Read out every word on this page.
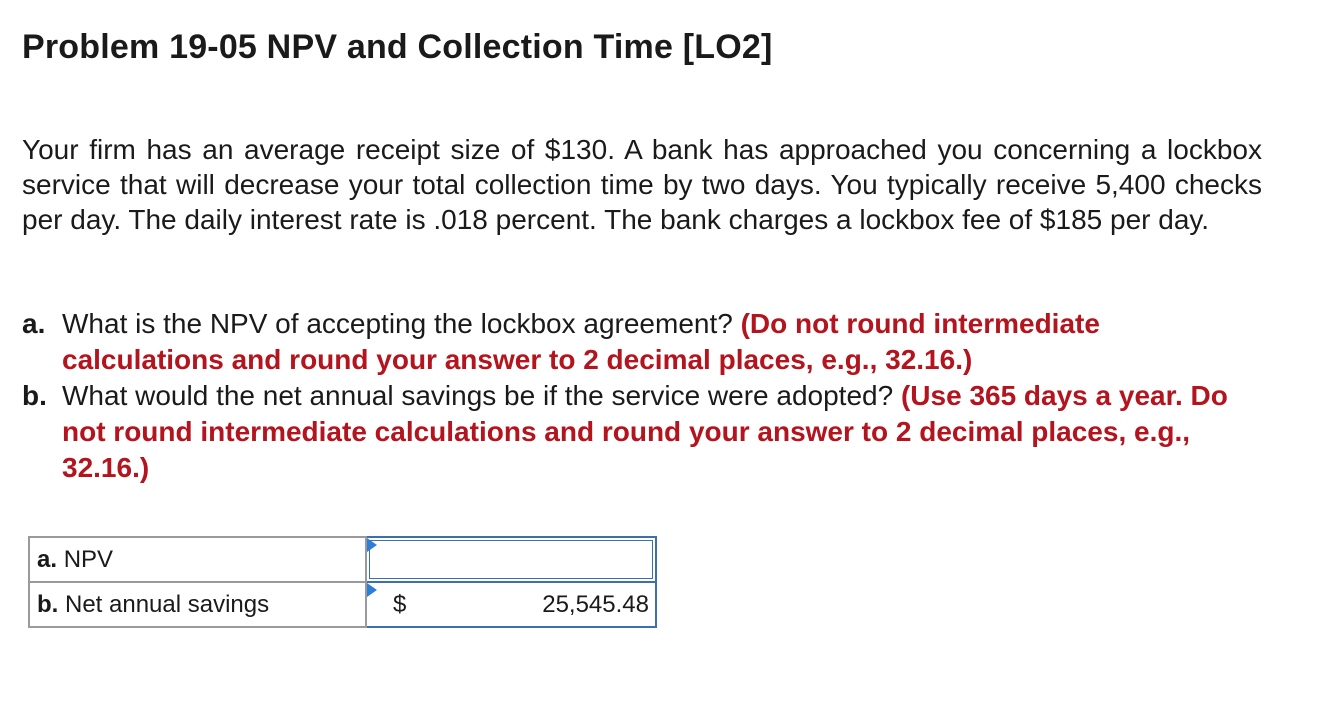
Problem 19-05 NPV and Collection Time [LO2]
Your firm has an average receipt size of $130. A bank has approached you concerning a lockbox service that will decrease your total collection time by two days. You typically receive 5,400 checks per day. The daily interest rate is .018 percent. The bank charges a lockbox fee of $185 per day.
a. What is the NPV of accepting the lockbox agreement? (Do not round intermediate calculations and round your answer to 2 decimal places, e.g., 32.16.)
b. What would the net annual savings be if the service were adopted? (Use 365 days a year. Do not round intermediate calculations and round your answer to 2 decimal places, e.g., 32.16.)
a. NPV	

b. Net annual savings	$ 25,545.48
